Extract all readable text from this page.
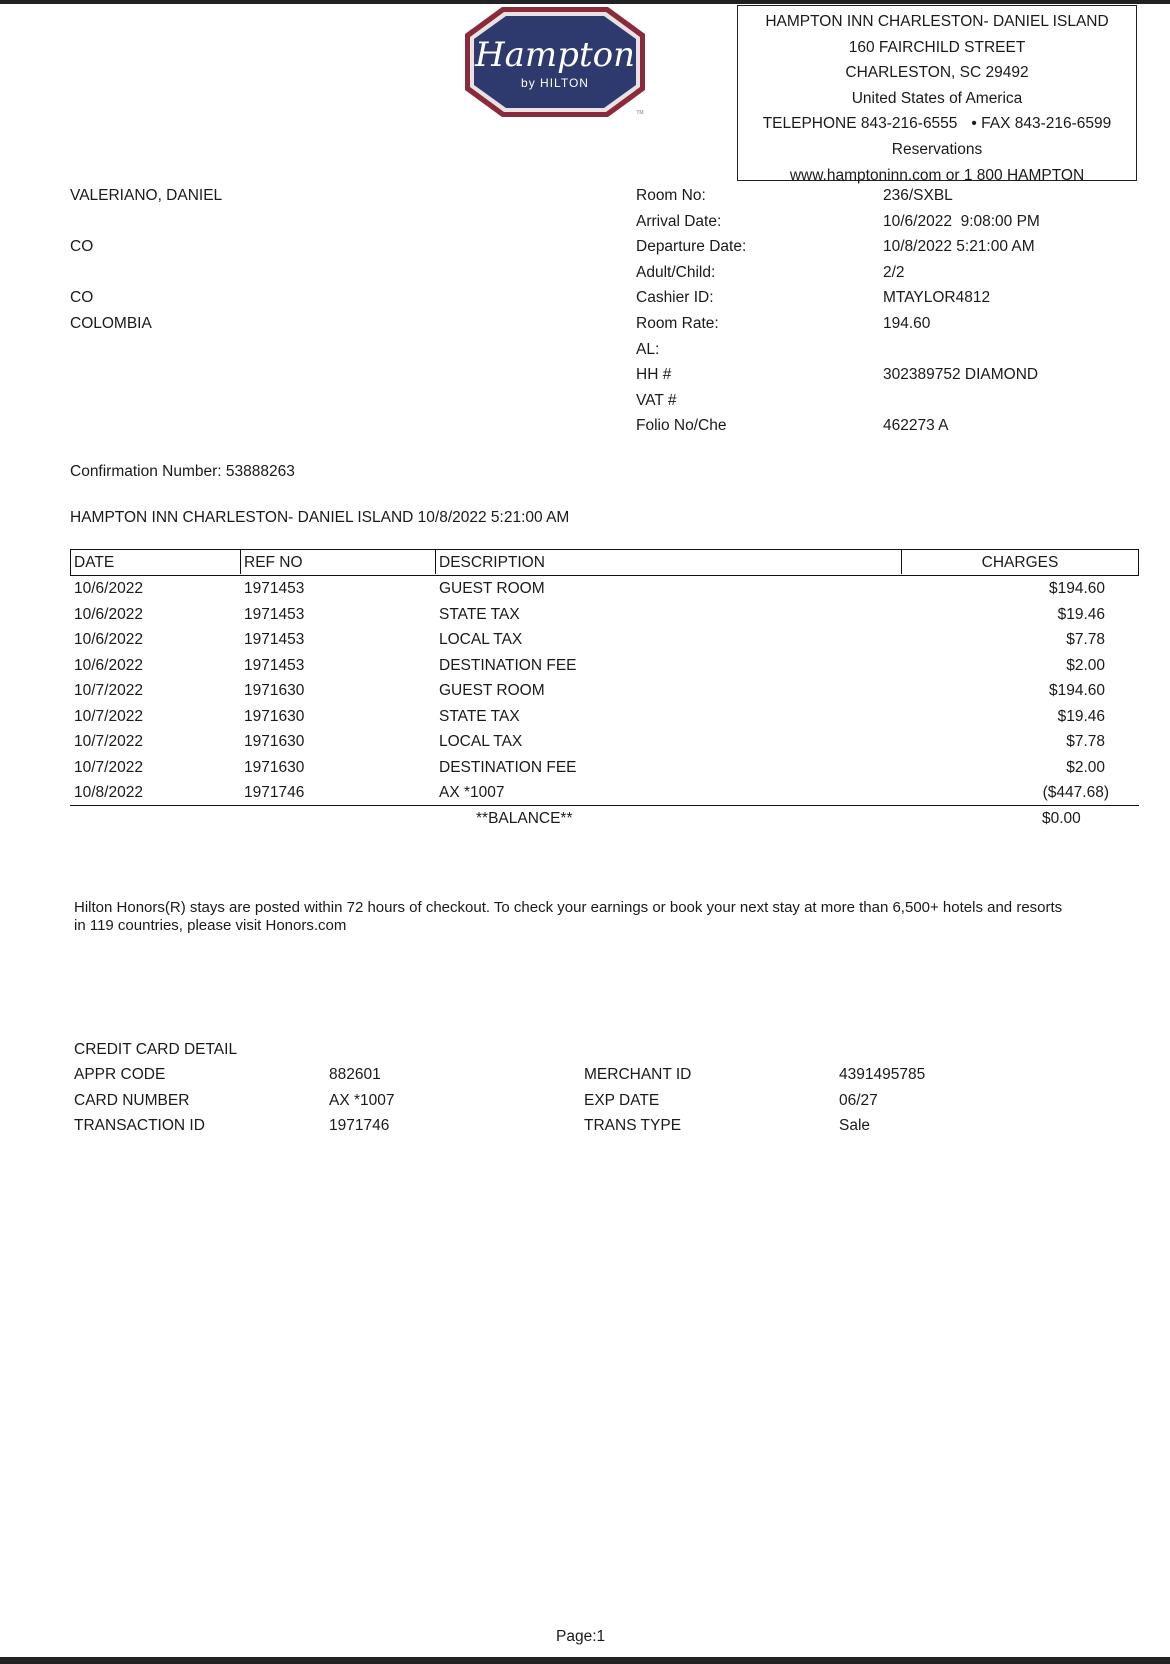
Hampton
by HILTON
TM
HAMPTON INN CHARLESTON- DANIEL ISLAND
160 FAIRCHILD STREET
CHARLESTON, SC 29492
United States of America
TELEPHONE 843-216-6555 • FAX 843-216-6599
Reservations
www.hamptoninn.com or 1 800 HAMPTON
VALERIANO, DANIEL
CO
CO
COLOMBIA
Room No:	236/SXBL
Arrival Date:	10/6/2022  9:08:00 PM
Departure Date:	10/8/2022 5:21:00 AM
Adult/Child:	2/2
Cashier ID:	MTAYLOR4812
Room Rate:	194.60
AL:
HH #	302389752 DIAMOND
VAT #
Folio No/Che	462273 A
Confirmation Number: 53888263
HAMPTON INN CHARLESTON- DANIEL ISLAND 10/8/2022 5:21:00 AM
DATE	REF NO	DESCRIPTION	CHARGES
10/6/2022	1971453	GUEST ROOM	$194.60
10/6/2022	1971453	STATE TAX	$19.46
10/6/2022	1971453	LOCAL TAX	$7.78
10/6/2022	1971453	DESTINATION FEE	$2.00
10/7/2022	1971630	GUEST ROOM	$194.60
10/7/2022	1971630	STATE TAX	$19.46
10/7/2022	1971630	LOCAL TAX	$7.78
10/7/2022	1971630	DESTINATION FEE	$2.00
10/8/2022	1971746	AX *1007	($447.68)
**BALANCE**	$0.00
Hilton Honors(R) stays are posted within 72 hours of checkout. To check your earnings or book your next stay at more than 6,500+ hotels and resorts in 119 countries, please visit Honors.com
CREDIT CARD DETAIL
APPR CODE	882601	MERCHANT ID	4391495785
CARD NUMBER	AX *1007	EXP DATE	06/27
TRANSACTION ID	1971746	TRANS TYPE	Sale
Page:1
